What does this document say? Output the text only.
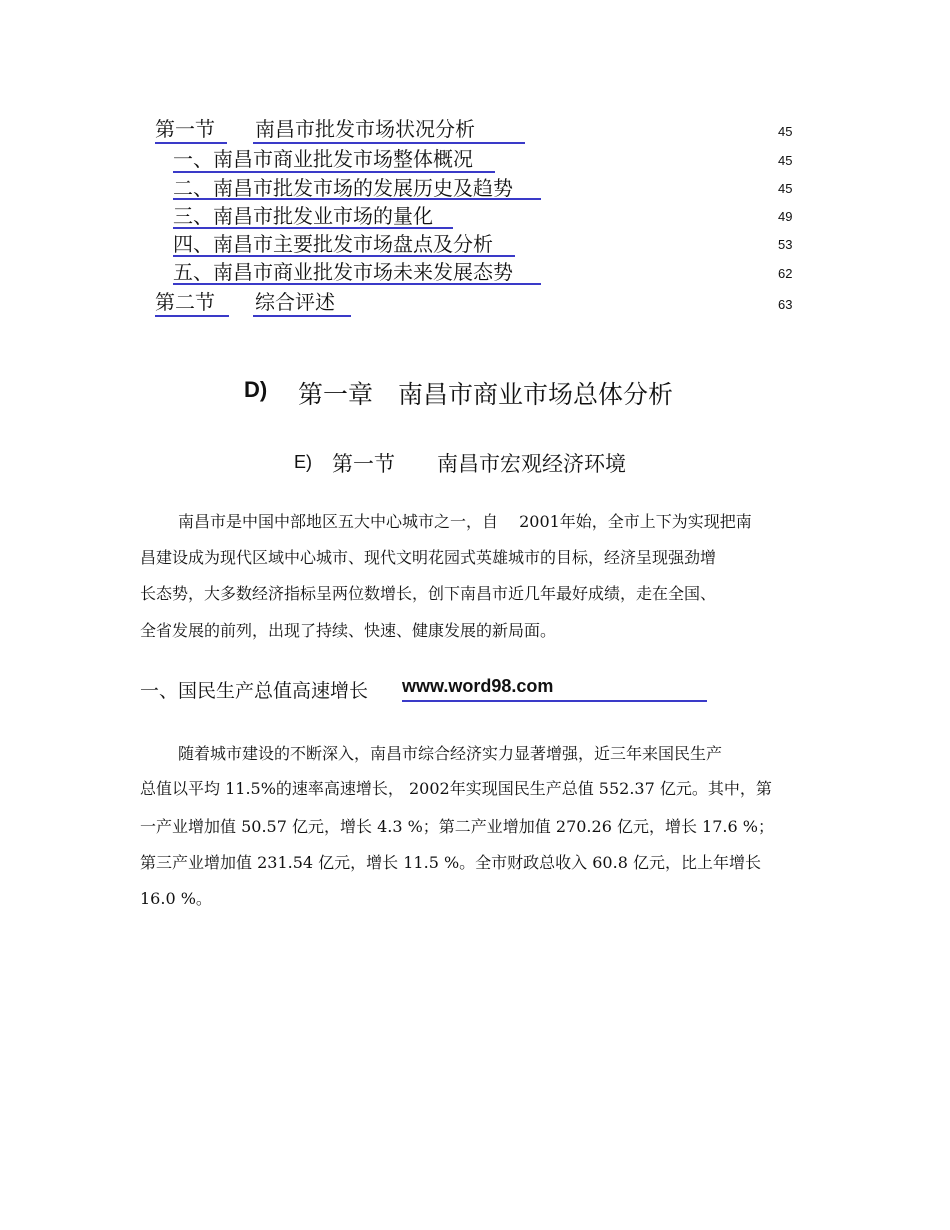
第一节　　南昌市批发市场状况分析	45
一、南昌市商业批发市场整体概况	45
二、南昌市批发市场的发展历史及趋势	45
三、南昌市批发业市场的量化	49
四、南昌市主要批发市场盘点及分析	53
五、南昌市商业批发市场未来发展态势	62
第二节　　综合评述	63
D) 第一章　南昌市商业市场总体分析
E) 第一节　　南昌市宏观经济环境
南昌市是中国中部地区五大中心城市之一，自　 2001年始，全市上下为实现把南
昌建设成为现代区域中心城市、现代文明花园式英雄城市的目标，经济呈现强劲增
长态势，大多数经济指标呈两位数增长，创下南昌市近几年最好成绩，走在全国、
全省发展的前列，出现了持续、快速、健康发展的新局面。
一、国民生产总值高速增长 www.word98.com
随着城市建设的不断深入，南昌市综合经济实力显著增强，近三年来国民生产
总值以平均 11.5%的速率高速增长， 2002年实现国民生产总值 552.37 亿元。其中，第
一产业增加值 50.57 亿元，增长 4.3 %；第二产业增加值 270.26 亿元，增长 17.6 %；
第三产业增加值 231.54 亿元，增长 11.5 %。全市财政总收入 60.8 亿元，比上年增长
16.0 %。
